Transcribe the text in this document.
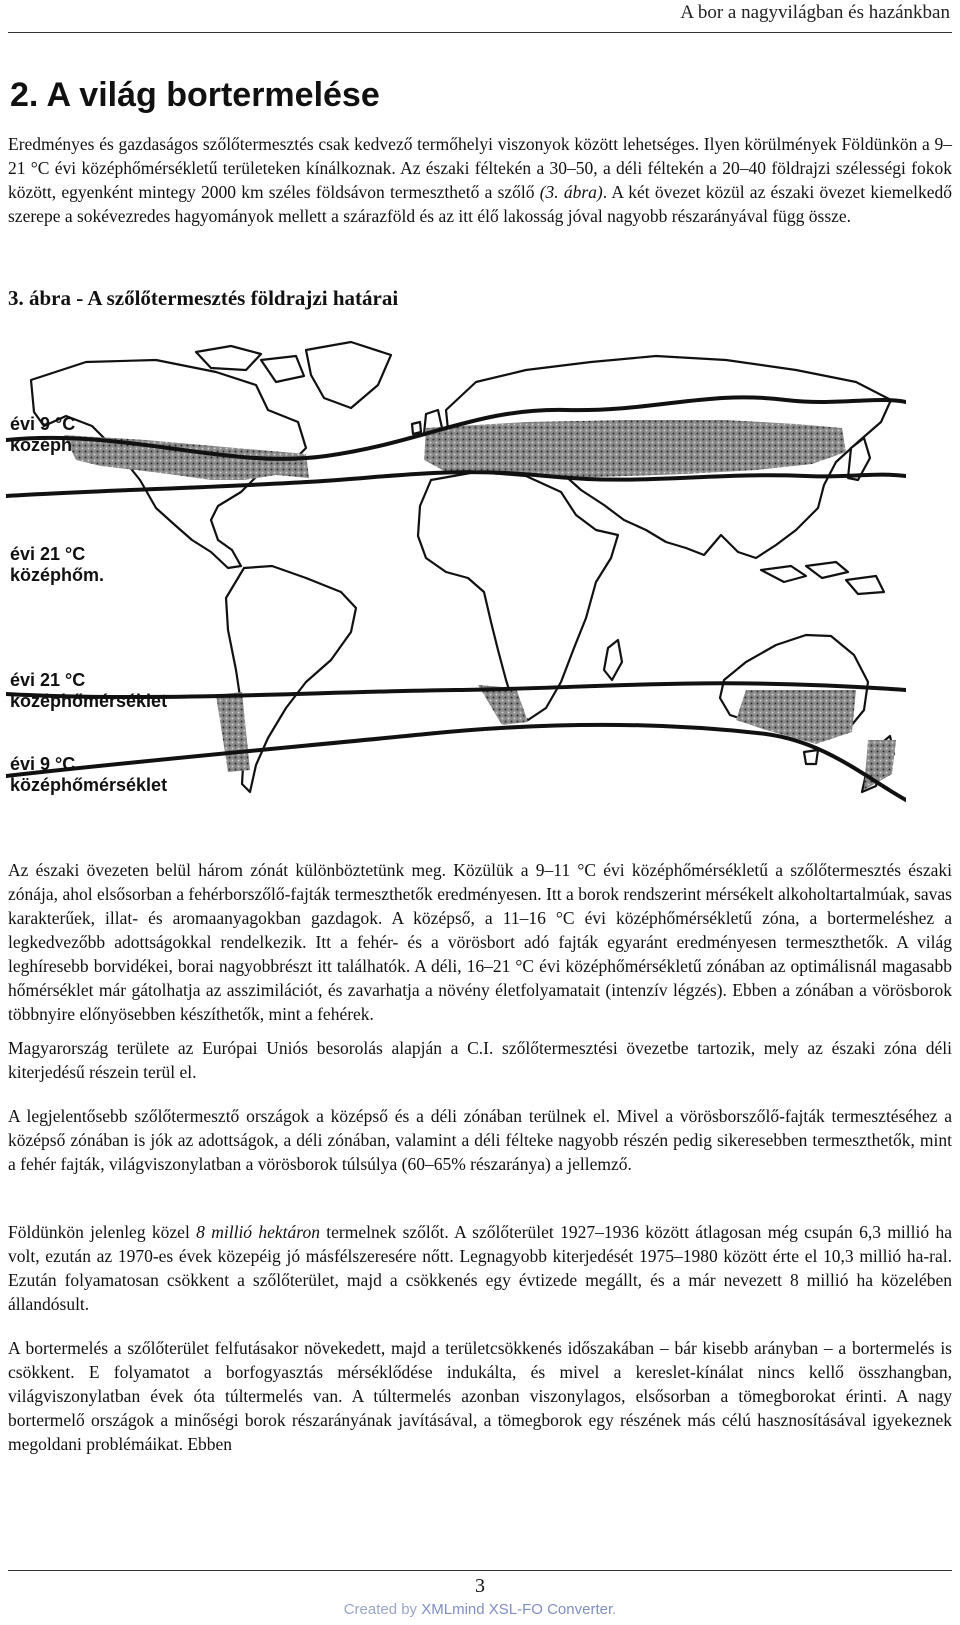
A bor a nagyvilágban és hazánkban
2. A világ bortermelése

Eredményes és gazdaságos szőlőtermesztés csak kedvező termőhelyi viszonyok között lehetséges. Ilyen körülmények Földünkön a 9–21 °C évi középhőmérsékletű területeken kínálkoznak. Az északi féltekén a 30–50, a déli féltekén a 20–40 földrajzi szélességi fokok között, egyenként mintegy 2000 km széles földsávon termeszthető a szőlő (3. ábra). A két övezet közül az északi övezet kiemelkedő szerepe a sokévezredes hagyományok mellett a szárazföld és az itt élő lakosság jóval nagyobb részarányával függ össze.

3. ábra - A szőlőtermesztés földrajzi határai
évi 9 °C
középh
évi 21 °C
középhőm.
évi 21 °C
középhőmérséklet
évi 9 °C
középhőmérséklet

Az északi övezeten belül három zónát különböztetünk meg. Közülük a 9–11 °C évi középhőmérsékletű a szőlőtermesztés északi zónája, ahol elsősorban a fehérborszőlő-fajták termeszthetők eredményesen. Itt a borok rendszerint mérsékelt alkoholtartalmúak, savas karakterűek, illat- és aromaanyagokban gazdagok. A középső, a 11–16 °C évi középhőmérsékletű zóna, a bortermeléshez a legkedvezőbb adottságokkal rendelkezik. Itt a fehér- és a vörösbort adó fajták egyaránt eredményesen termeszthetők. A világ leghíresebb borvidékei, borai nagyobbrészt itt találhatók. A déli, 16–21 °C évi középhőmérsékletű zónában az optimálisnál magasabb hőmérséklet már gátolhatja az asszimilációt, és zavarhatja a növény életfolyamatait (intenzív légzés). Ebben a zónában a vörösborok többnyire előnyösebben készíthetők, mint a fehérek.

Magyarország területe az Európai Uniós besorolás alapján a C.I. szőlőtermesztési övezetbe tartozik, mely az északi zóna déli kiterjedésű részein terül el.

A legjelentősebb szőlőtermesztő országok a középső és a déli zónában terülnek el. Mivel a vörösborszőlő-fajták termesztéséhez a középső zónában is jók az adottságok, a déli zónában, valamint a déli félteke nagyobb részén pedig sikeresebben termeszthetők, mint a fehér fajták, világviszonylatban a vörösborok túlsúlya (60–65% részaránya) a jellemző.

Földünkön jelenleg közel 8 millió hektáron termelnek szőlőt. A szőlőterület 1927–1936 között átlagosan még csupán 6,3 millió ha volt, ezután az 1970-es évek közepéig jó másfélszeresére nőtt. Legnagyobb kiterjedését 1975–1980 között érte el 10,3 millió ha-ral. Ezután folyamatosan csökkent a szőlőterület, majd a csökkenés egy évtizede megállt, és a már nevezett 8 millió ha közelében állandósult.

A bortermelés a szőlőterület felfutásakor növekedett, majd a területcsökkenés időszakában – bár kisebb arányban – a bortermelés is csökkent. E folyamatot a borfogyasztás mérséklődése indukálta, és mivel a kereslet-kínálat nincs kellő összhangban, világviszonylatban évek óta túltermelés van. A túltermelés azonban viszonylagos, elsősorban a tömegborokat érinti. A nagy bortermelő országok a minőségi borok részarányának javításával, a tömegborok egy részének más célú hasznosításával igyekeznek megoldani problémáikat. Ebben

3
Created by XMLmind XSL-FO Converter.
